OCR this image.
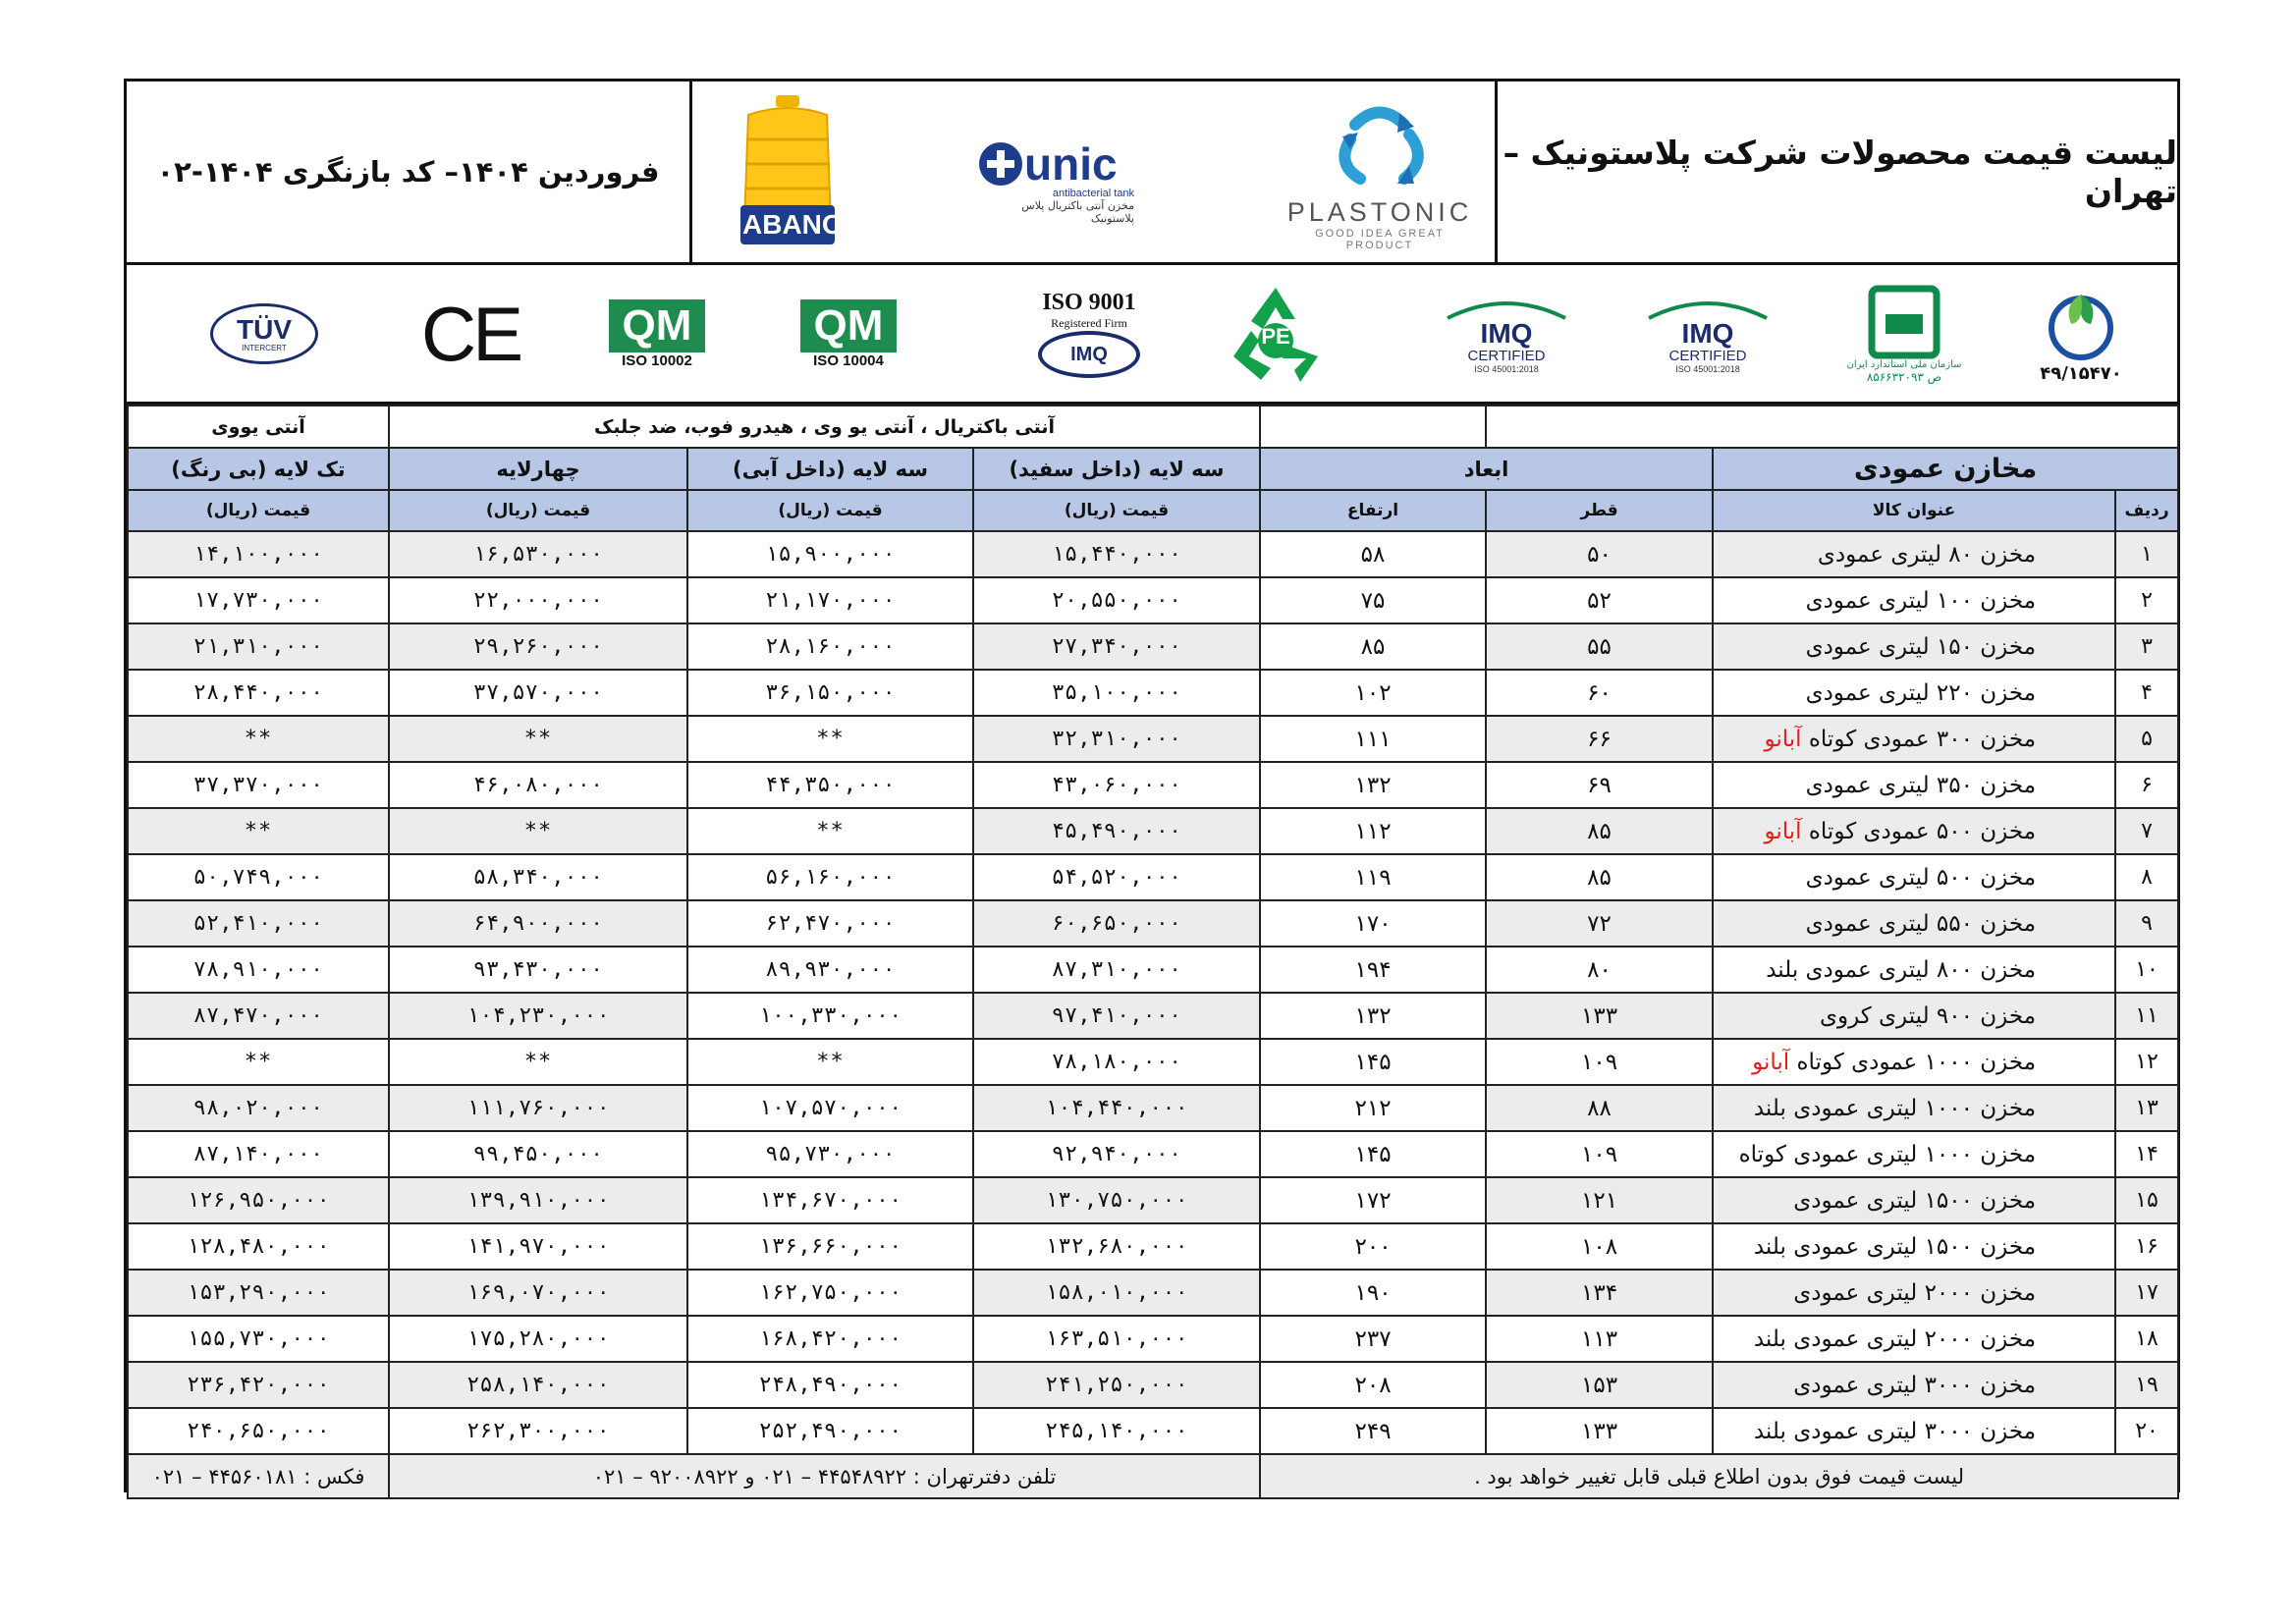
لیست قیمت محصولات شرکت پلاستونیک – تهران
PLASTONIC
GOOD IDEA GREAT PRODUCT
unic
antibacterial tank
مخزن آنتی باکتریال پلاس پلاستونیک
ABANO
فروردین ۱۴۰۴– کد بازنگری ۱۴۰۴-۰۲
۴۹/۱۵۴۷۰
سازمان ملی استاندارد ایران
ص ۸۵۶۶۳۲۰۹۳
IMQ
CERTIFIED
ISO 45001:2018
IMQ
CERTIFIED
ISO 45001:2018
PE
ISO 9001
Registered Firm
IMQ
QM
ISO 10004
QM
ISO 10002
CE
TÜV
INTERCERT
				آنتی باکتریال ، آنتی یو وی ، هیدرو فوب، ضد جلبک			آنتی یووی
مخازن عمودی		ابعاد		سه لایه (داخل سفید)	سه لایه (داخل آبی)	چهارلایه	تک لایه (بی رنگ)
ردیف	عنوان کالا	قطر	ارتفاع	قیمت (ریال)	قیمت (ریال)	قیمت (ریال)	قیمت (ریال)
۱	مخزن ۸۰ لیتری عمودی	۵۰	۵۸	۱۵,۴۴۰,۰۰۰	۱۵,۹۰۰,۰۰۰	۱۶,۵۳۰,۰۰۰	۱۴,۱۰۰,۰۰۰
۲	مخزن ۱۰۰ لیتری عمودی	۵۲	۷۵	۲۰,۵۵۰,۰۰۰	۲۱,۱۷۰,۰۰۰	۲۲,۰۰۰,۰۰۰	۱۷,۷۳۰,۰۰۰
۳	مخزن ۱۵۰ لیتری عمودی	۵۵	۸۵	۲۷,۳۴۰,۰۰۰	۲۸,۱۶۰,۰۰۰	۲۹,۲۶۰,۰۰۰	۲۱,۳۱۰,۰۰۰
۴	مخزن ۲۲۰ لیتری عمودی	۶۰	۱۰۲	۳۵,۱۰۰,۰۰۰	۳۶,۱۵۰,۰۰۰	۳۷,۵۷۰,۰۰۰	۲۸,۴۴۰,۰۰۰
۵	مخزن ۳۰۰ عمودی کوتاه آبانو	۶۶	۱۱۱	۳۲,۳۱۰,۰۰۰	**	**	**
۶	مخزن ۳۵۰ لیتری عمودی	۶۹	۱۳۲	۴۳,۰۶۰,۰۰۰	۴۴,۳۵۰,۰۰۰	۴۶,۰۸۰,۰۰۰	۳۷,۳۷۰,۰۰۰
۷	مخزن ۵۰۰ عمودی کوتاه آبانو	۸۵	۱۱۲	۴۵,۴۹۰,۰۰۰	**	**	**
۸	مخزن ۵۰۰ لیتری عمودی	۸۵	۱۱۹	۵۴,۵۲۰,۰۰۰	۵۶,۱۶۰,۰۰۰	۵۸,۳۴۰,۰۰۰	۵۰,۷۴۹,۰۰۰
۹	مخزن ۵۵۰ لیتری عمودی	۷۲	۱۷۰	۶۰,۶۵۰,۰۰۰	۶۲,۴۷۰,۰۰۰	۶۴,۹۰۰,۰۰۰	۵۲,۴۱۰,۰۰۰
۱۰	مخزن ۸۰۰ لیتری عمودی بلند	۸۰	۱۹۴	۸۷,۳۱۰,۰۰۰	۸۹,۹۳۰,۰۰۰	۹۳,۴۳۰,۰۰۰	۷۸,۹۱۰,۰۰۰
۱۱	مخزن ۹۰۰ لیتری کروی	۱۳۳	۱۳۲	۹۷,۴۱۰,۰۰۰	۱۰۰,۳۳۰,۰۰۰	۱۰۴,۲۳۰,۰۰۰	۸۷,۴۷۰,۰۰۰
۱۲	مخزن ۱۰۰۰ عمودی کوتاه آبانو	۱۰۹	۱۴۵	۷۸,۱۸۰,۰۰۰	**	**	**
۱۳	مخزن ۱۰۰۰ لیتری عمودی بلند	۸۸	۲۱۲	۱۰۴,۴۴۰,۰۰۰	۱۰۷,۵۷۰,۰۰۰	۱۱۱,۷۶۰,۰۰۰	۹۸,۰۲۰,۰۰۰
۱۴	مخزن ۱۰۰۰ لیتری عمودی کوتاه	۱۰۹	۱۴۵	۹۲,۹۴۰,۰۰۰	۹۵,۷۳۰,۰۰۰	۹۹,۴۵۰,۰۰۰	۸۷,۱۴۰,۰۰۰
۱۵	مخزن ۱۵۰۰ لیتری عمودی	۱۲۱	۱۷۲	۱۳۰,۷۵۰,۰۰۰	۱۳۴,۶۷۰,۰۰۰	۱۳۹,۹۱۰,۰۰۰	۱۲۶,۹۵۰,۰۰۰
۱۶	مخزن ۱۵۰۰ لیتری عمودی بلند	۱۰۸	۲۰۰	۱۳۲,۶۸۰,۰۰۰	۱۳۶,۶۶۰,۰۰۰	۱۴۱,۹۷۰,۰۰۰	۱۲۸,۴۸۰,۰۰۰
۱۷	مخزن ۲۰۰۰ لیتری عمودی	۱۳۴	۱۹۰	۱۵۸,۰۱۰,۰۰۰	۱۶۲,۷۵۰,۰۰۰	۱۶۹,۰۷۰,۰۰۰	۱۵۳,۲۹۰,۰۰۰
۱۸	مخزن ۲۰۰۰ لیتری عمودی بلند	۱۱۳	۲۳۷	۱۶۳,۵۱۰,۰۰۰	۱۶۸,۴۲۰,۰۰۰	۱۷۵,۲۸۰,۰۰۰	۱۵۵,۷۳۰,۰۰۰
۱۹	مخزن ۳۰۰۰ لیتری عمودی	۱۵۳	۲۰۸	۲۴۱,۲۵۰,۰۰۰	۲۴۸,۴۹۰,۰۰۰	۲۵۸,۱۴۰,۰۰۰	۲۳۶,۴۲۰,۰۰۰
۲۰	مخزن ۳۰۰۰ لیتری عمودی بلند	۱۳۳	۲۴۹	۲۴۵,۱۴۰,۰۰۰	۲۵۲,۴۹۰,۰۰۰	۲۶۲,۳۰۰,۰۰۰	۲۴۰,۶۵۰,۰۰۰
لیست قیمت فوق بدون اطلاع قبلی قابل تغییر خواهد بود .				تلفن دفترتهران : ۴۴۵۴۸۹۲۲ – ۰۲۱ و ۹۲۰۰۸۹۲۲ – ۰۲۱			فکس : ۴۴۵۶۰۱۸۱ – ۰۲۱
